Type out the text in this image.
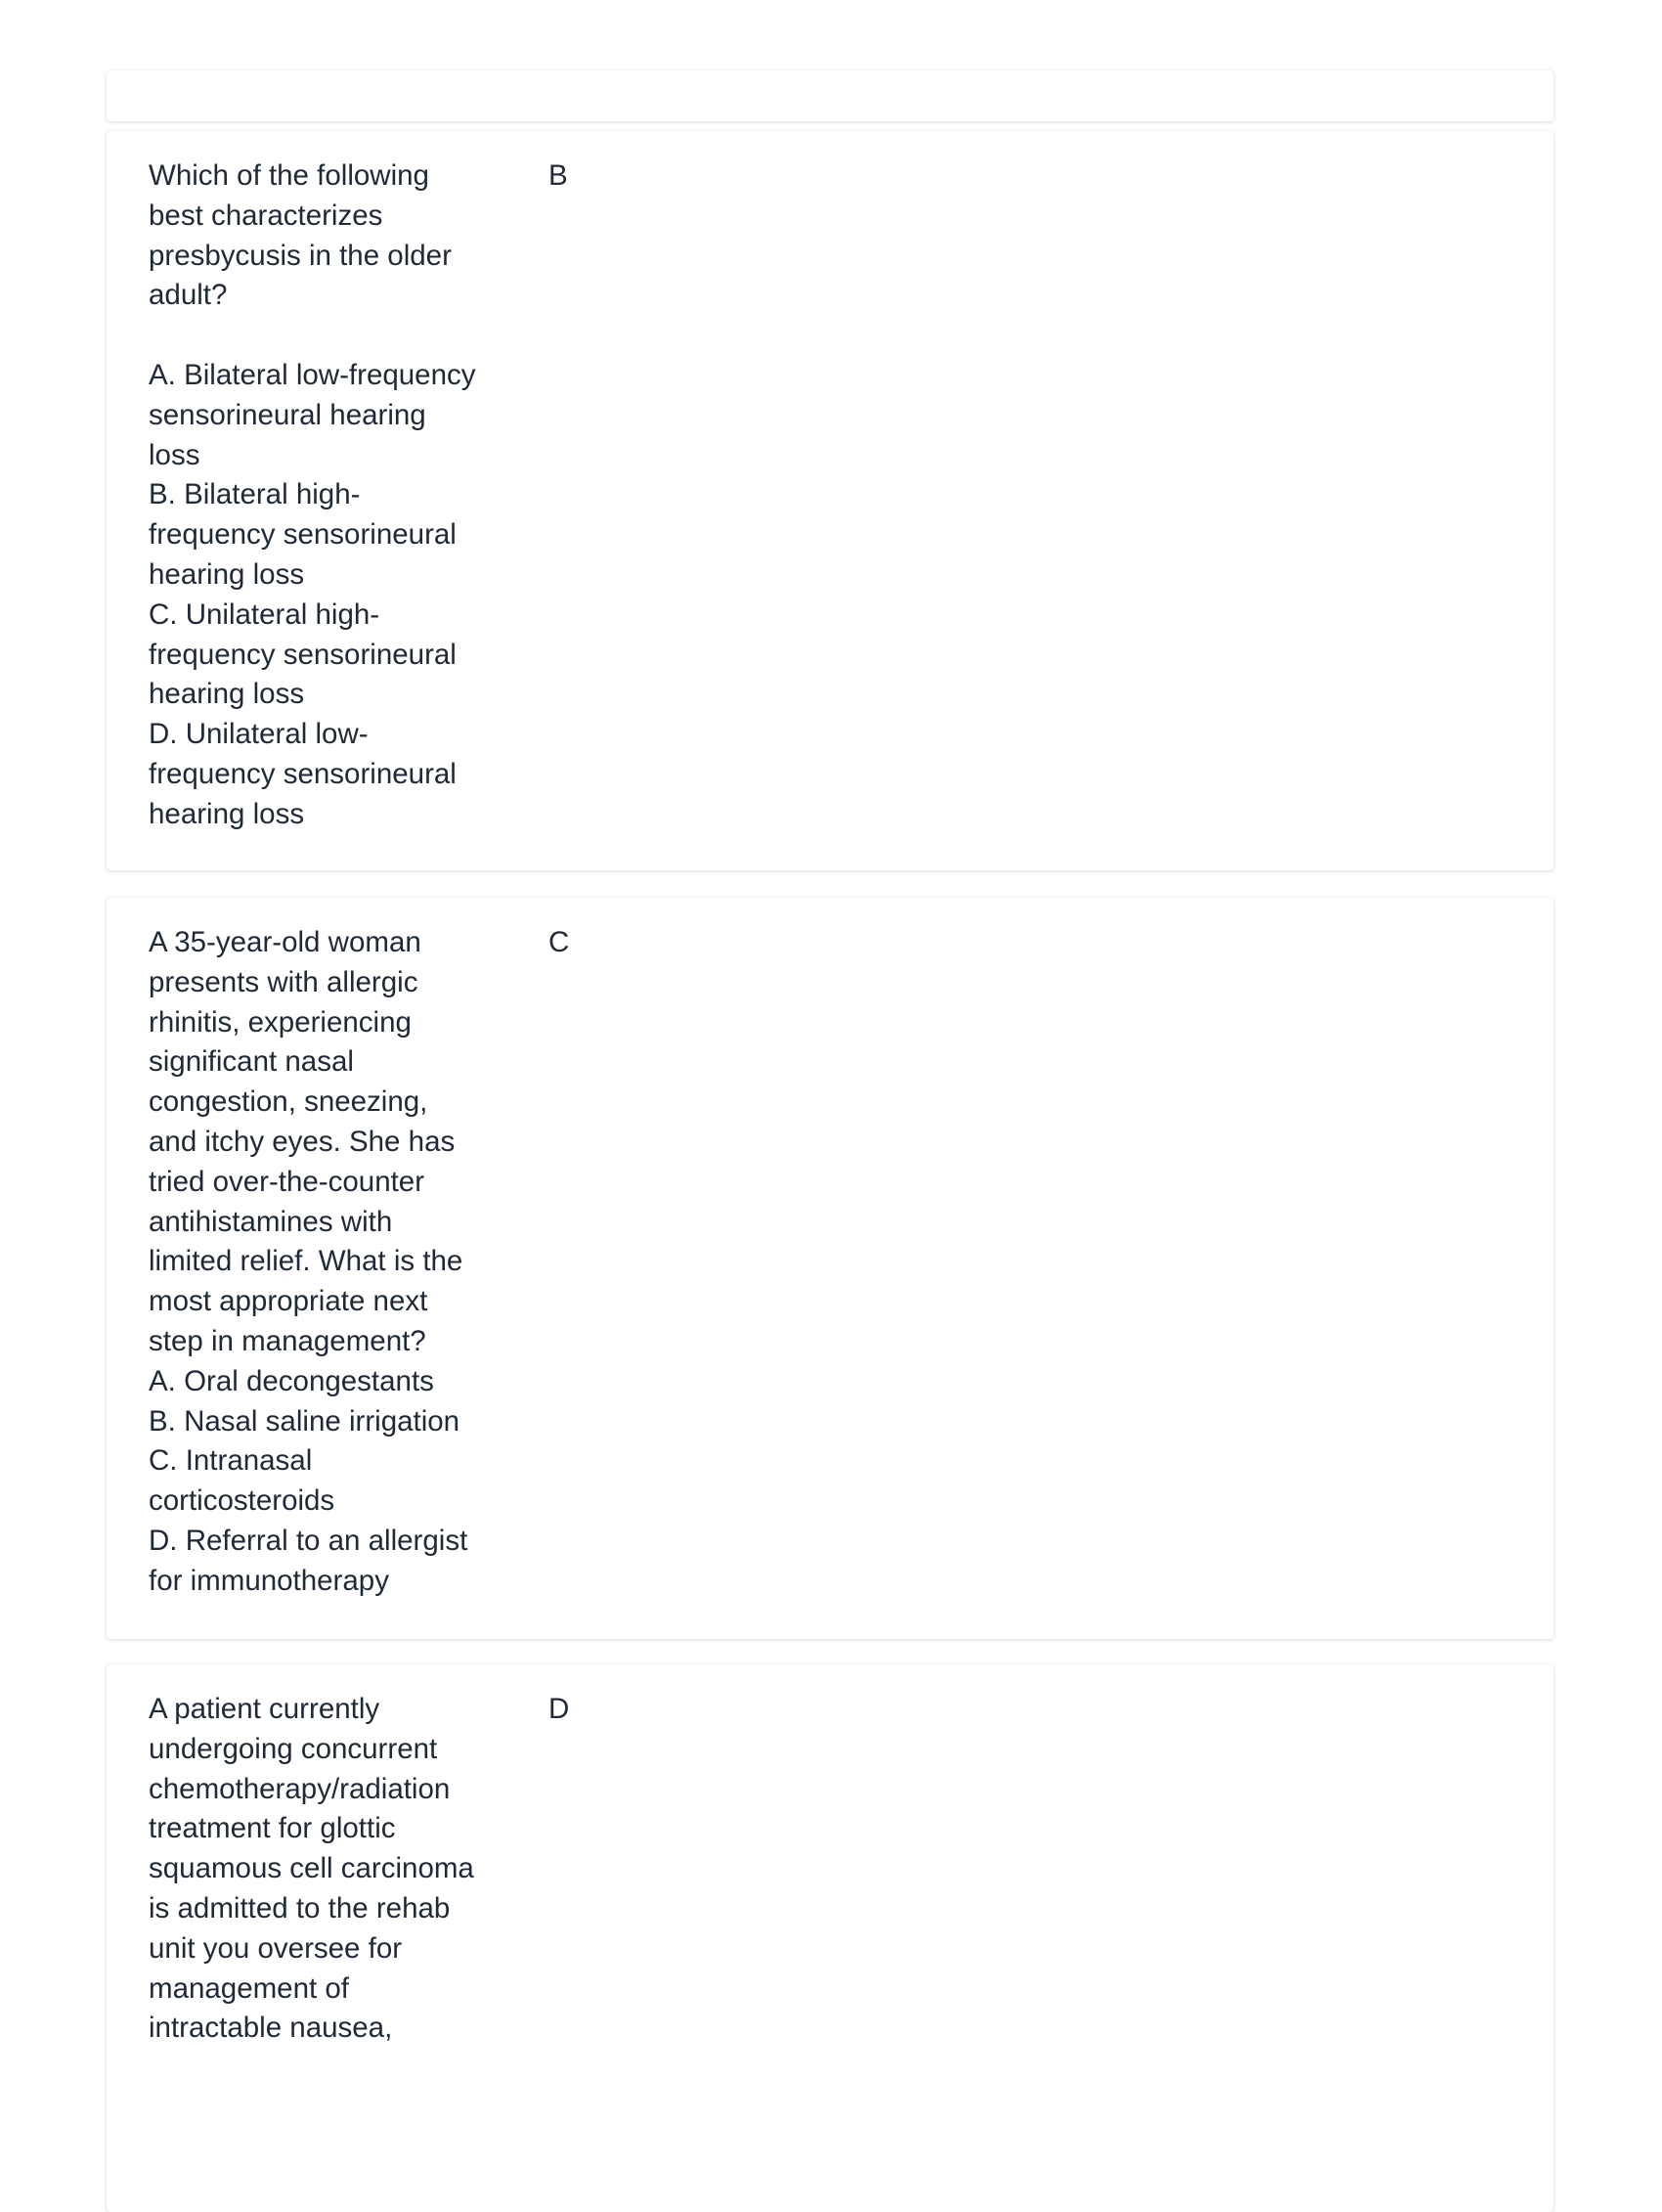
Which of the following best characterizes presbycusis in the older adult?

A. Bilateral low-frequency sensorineural hearing loss
B. Bilateral high-frequency sensorineural hearing loss
C. Unilateral high-frequency sensorineural hearing loss
D. Unilateral low-frequency sensorineural hearing loss
B
A 35-year-old woman presents with allergic rhinitis, experiencing significant nasal congestion, sneezing, and itchy eyes. She has tried over-the-counter antihistamines with limited relief. What is the most appropriate next step in management?
A. Oral decongestants
B. Nasal saline irrigation
C. Intranasal corticosteroids
D. Referral to an allergist for immunotherapy
C
A patient currently undergoing concurrent chemotherapy/radiation treatment for glottic squamous cell carcinoma is admitted to the rehab unit you oversee for management of intractable nausea,
D
